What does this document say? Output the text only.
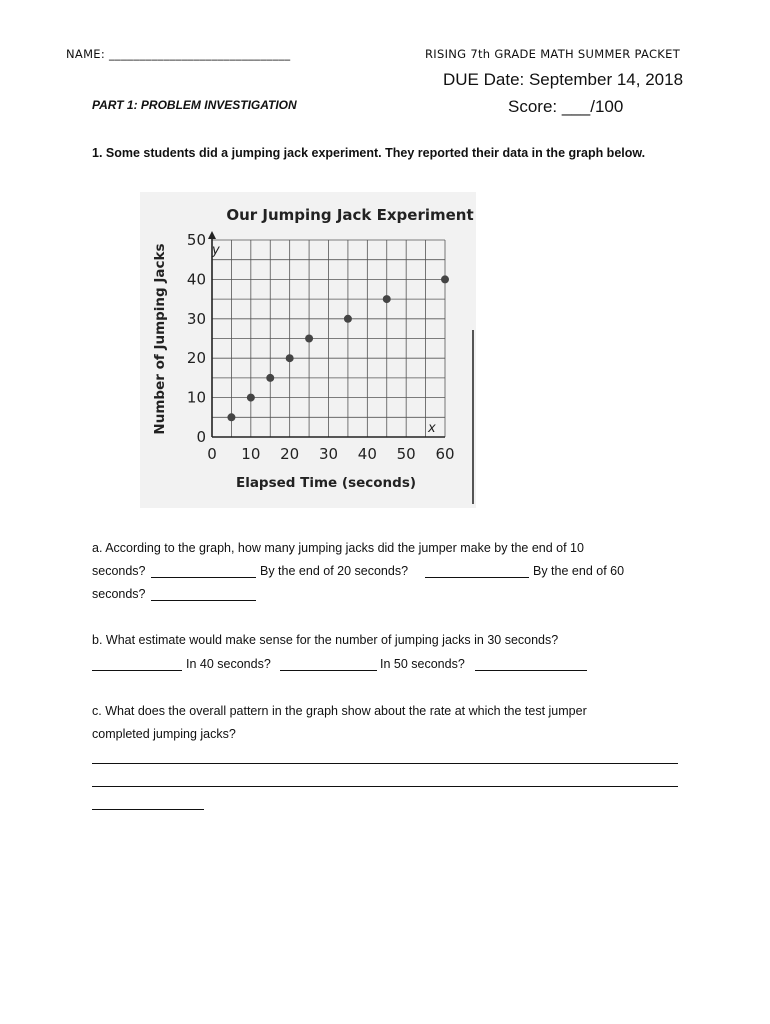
NAME: ______________________________	RISING 7th GRADE MATH SUMMER PACKET
DUE Date: September 14, 2018
Score: ___/100
PART 1: PROBLEM INVESTIGATION
1. Some students did a jumping jack experiment. They reported their data in the graph below.
Our Jumping Jack Experiment
0 10 20 30 40 50 60
0
10
20
30
40
50
y
x
Elapsed Time (seconds)
Number of Jumping Jacks
a. According to the graph, how many jumping jacks did the jumper make by the end of 10
seconds?	By the end of 20 seconds?	By the end of 60
seconds?
b. What estimate would make sense for the number of jumping jacks in 30 seconds?
In 40 seconds?	In 50 seconds?
c. What does the overall pattern in the graph show about the rate at which the test jumper
completed jumping jacks?
